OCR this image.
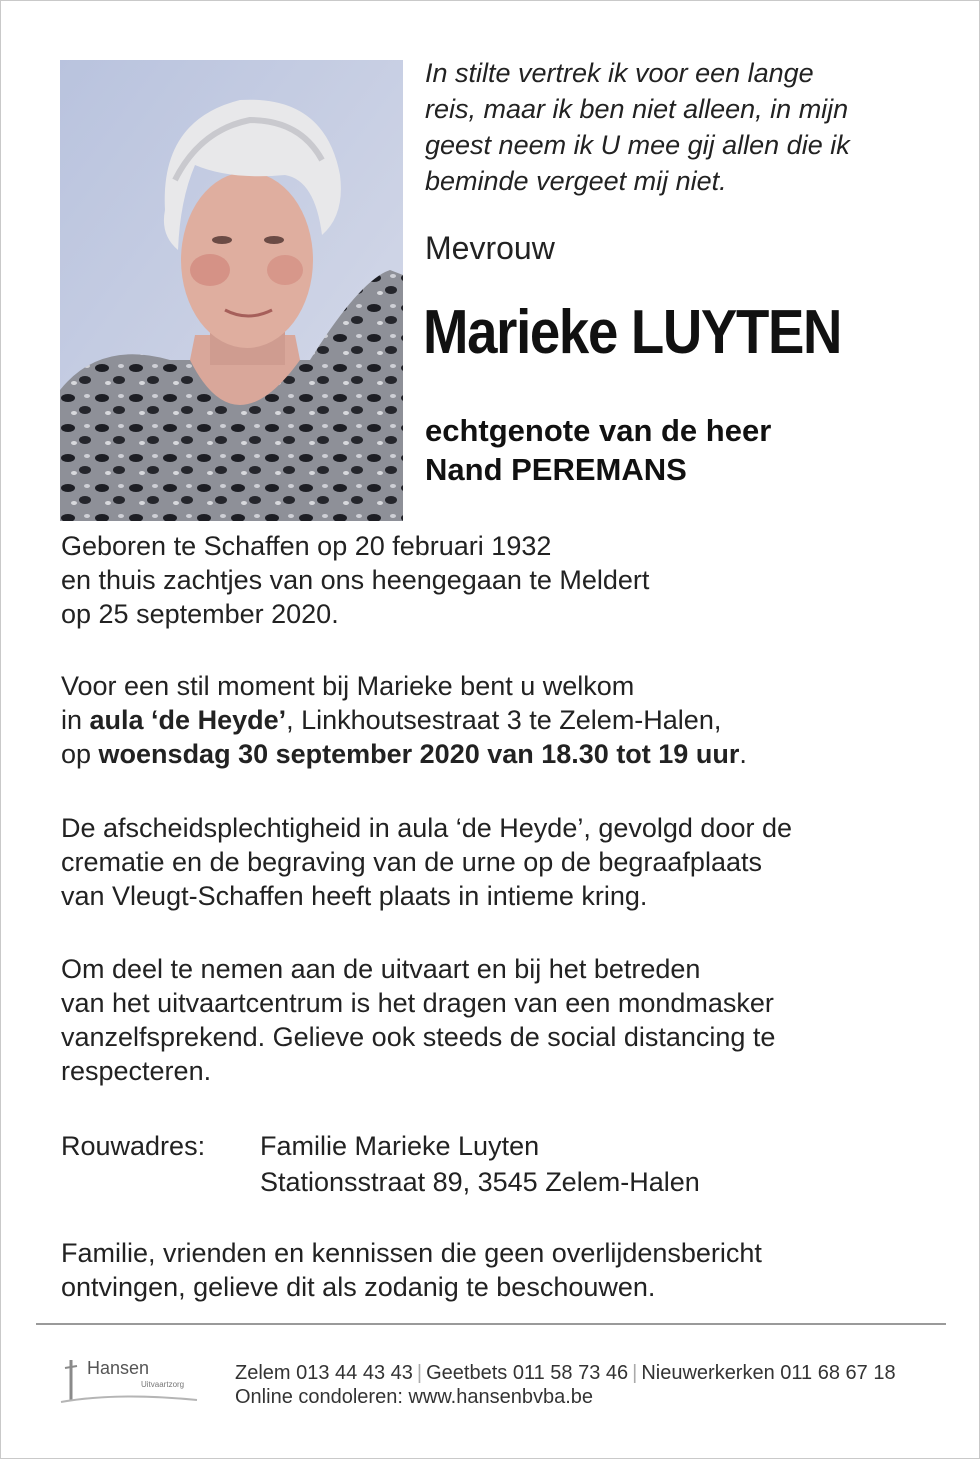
In stilte vertrek ik voor een lange
reis, maar ik ben niet alleen, in mijn
geest neem ik U mee gij allen die ik
beminde vergeet mij niet.
Mevrouw
Marieke LUYTEN
echtgenote van de heer
Nand PEREMANS
Geboren te Schaffen op 20 februari 1932
en thuis zachtjes van ons heengegaan te Meldert
op 25 september 2020.
Voor een stil moment bij Marieke bent u welkom
in aula ‘de Heyde’, Linkhoutsestraat 3 te Zelem-Halen,
op woensdag 30 september 2020 van 18.30 tot 19 uur.
De afscheidsplechtigheid in aula ‘de Heyde’, gevolgd door de
crematie en de begraving van de urne op de begraafplaats
van Vleugt-Schaffen heeft plaats in intieme kring.
Om deel te nemen aan de uitvaart en bij het betreden
van het uitvaartcentrum is het dragen van een mondmasker
vanzelfsprekend. Gelieve ook steeds de social distancing te
respecteren.
Rouwadres: Familie Marieke Luyten
Stationsstraat 89, 3545 Zelem-Halen
Familie, vrienden en kennissen die geen overlijdensbericht
ontvingen, gelieve dit als zodanig te beschouwen.
Hansen
Uitvaartzorg
Zelem 013 44 43 43 | Geetbets 011 58 73 46 | Nieuwerkerken 011 68 67 18
Online condoleren: www.hansenbvba.be
